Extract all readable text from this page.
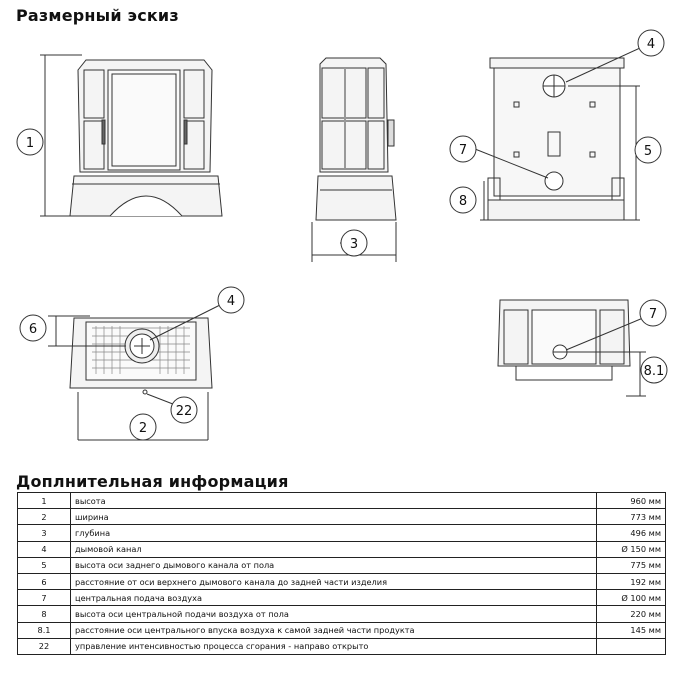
Размерный эскиз
1
3
4
5
7
8
4
6
22
2
7
8.1
Доплнительная информация
1	высота	960 мм
2	ширина	773 мм
3	глубина	496 мм
4	дымовой канал	Ø 150 мм
5	высота оси заднего дымового канала от пола	775 мм
6	расстояние от оси верхнего дымового канала до задней части изделия	192 мм
7	центральная подача воздуха	Ø 100 мм
8	высота оси центральной подачи воздуха от пола	220 мм
8.1	расстояние оси центрального впуска воздуха к самой задней части продукта	145 мм
22	управление интенсивностью процесса сгорания - направо открыто	
